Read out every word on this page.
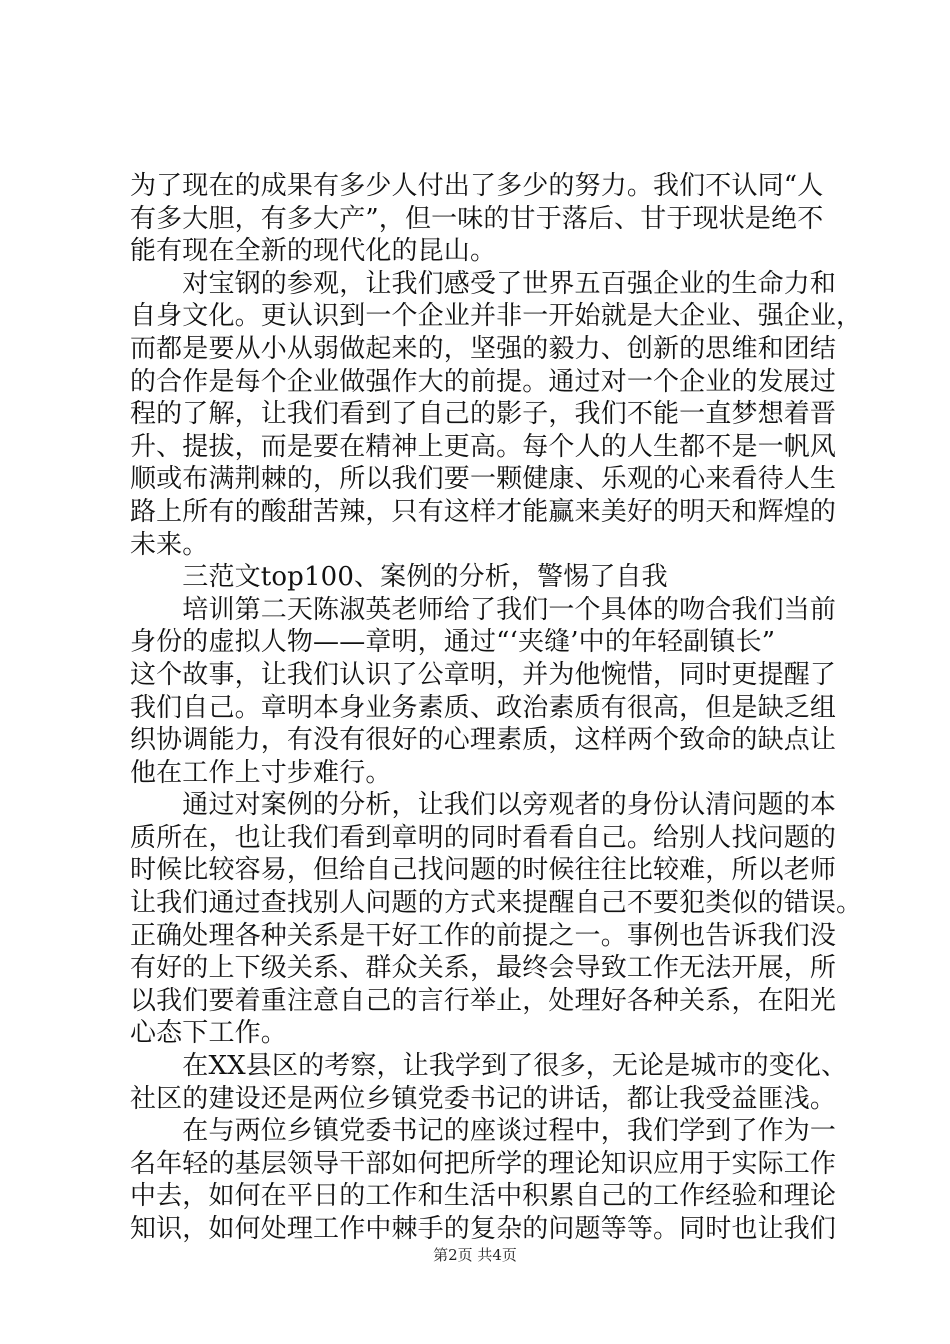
为了现在的成果有多少人付出了多少的努力。我们不认同“人
有多大胆，有多大产”，但一味的甘于落后、甘于现状是绝不
能有现在全新的现代化的昆山。
　　对宝钢的参观，让我们感受了世界五百强企业的生命力和
自身文化。更认识到一个企业并非一开始就是大企业、强企业，
而都是要从小从弱做起来的，坚强的毅力、创新的思维和团结
的合作是每个企业做强作大的前提。通过对一个企业的发展过
程的了解，让我们看到了自己的影子，我们不能一直梦想着晋
升、提拔，而是要在精神上更高。每个人的人生都不是一帆风
顺或布满荆棘的，所以我们要一颗健康、乐观的心来看待人生
路上所有的酸甜苦辣，只有这样才能赢来美好的明天和辉煌的
未来。
　　三范文top100、案例的分析，警惕了自我
　　培训第二天陈淑英老师给了我们一个具体的吻合我们当前
身份的虚拟人物——章明，通过“‘夹缝’中的年轻副镇长”
这个故事，让我们认识了公章明，并为他惋惜，同时更提醒了
我们自己。章明本身业务素质、政治素质有很高，但是缺乏组
织协调能力，有没有很好的心理素质，这样两个致命的缺点让
他在工作上寸步难行。
　　通过对案例的分析，让我们以旁观者的身份认清问题的本
质所在，也让我们看到章明的同时看看自己。给别人找问题的
时候比较容易，但给自己找问题的时候往往比较难，所以老师
让我们通过查找别人问题的方式来提醒自己不要犯类似的错误。
正确处理各种关系是干好工作的前提之一。事例也告诉我们没
有好的上下级关系、群众关系，最终会导致工作无法开展，所
以我们要着重注意自己的言行举止，处理好各种关系，在阳光
心态下工作。
　　在XX县区的考察，让我学到了很多，无论是城市的变化、
社区的建设还是两位乡镇党委书记的讲话，都让我受益匪浅。
　　在与两位乡镇党委书记的座谈过程中，我们学到了作为一
名年轻的基层领导干部如何把所学的理论知识应用于实际工作
中去，如何在平日的工作和生活中积累自己的工作经验和理论
知识，如何处理工作中棘手的复杂的问题等等。同时也让我们
第2页 共4页
